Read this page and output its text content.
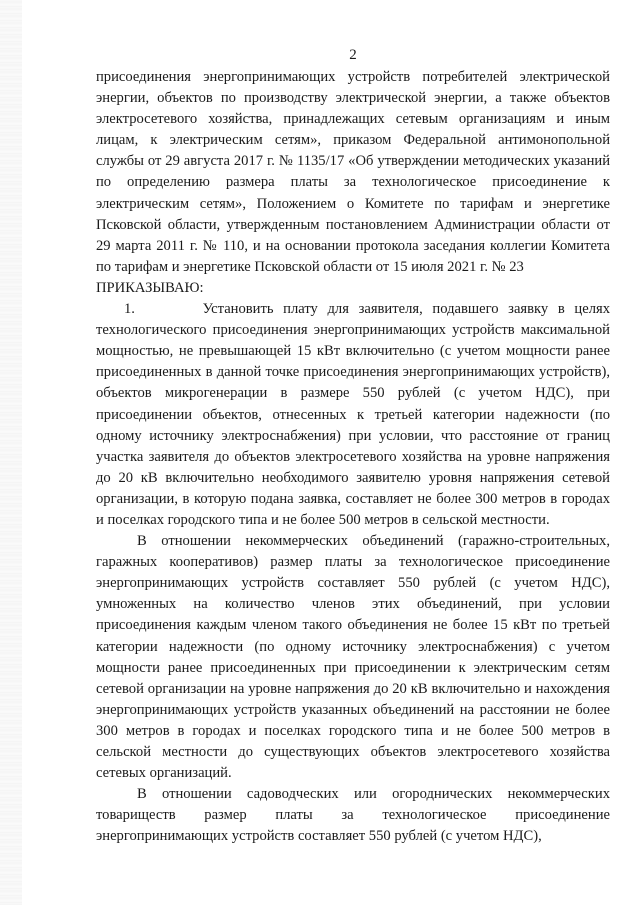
2

присоединения энергопринимающих устройств потребителей электрической энергии, объектов по производству электрической энергии, а также объектов электросетевого хозяйства, принадлежащих сетевым организациям и иным лицам, к электрическим сетям», приказом Федеральной антимонопольной службы от 29 августа 2017 г. № 1135/17 «Об утверждении методических указаний по определению размера платы за технологическое присоединение к электрическим сетям», Положением о Комитете по тарифам и энергетике Псковской области, утвержденным постановлением Администрации области от 29 марта 2011 г. № 110, и на основании протокола заседания коллегии Комитета по тарифам и энергетике Псковской области от 15 июля 2021 г. № 23

ПРИКАЗЫВАЮ:

1.	Установить плату для заявителя, подавшего заявку в целях технологического присоединения энергопринимающих устройств максимальной мощностью, не превышающей 15 кВт включительно (с учетом мощности ранее присоединенных в данной точке присоединения энергопринимающих устройств), объектов микрогенерации в размере 550 рублей (с учетом НДС), при присоединении объектов, отнесенных к третьей категории надежности (по одному источнику электроснабжения) при условии, что расстояние от границ участка заявителя до объектов электросетевого хозяйства на уровне напряжения до 20 кВ включительно необходимого заявителю уровня напряжения сетевой организации, в которую подана заявка, составляет не более 300 метров в городах и поселках городского типа и не более 500 метров в сельской местности.

В отношении некоммерческих объединений (гаражно-строительных, гаражных кооперативов) размер платы за технологическое присоединение энергопринимающих устройств составляет 550 рублей (с учетом НДС), умноженных на количество членов этих объединений, при условии присоединения каждым членом такого объединения не более 15 кВт по третьей категории надежности (по одному источнику электроснабжения) с учетом мощности ранее присоединенных при присоединении к электрическим сетям сетевой организации на уровне напряжения до 20 кВ включительно и нахождения энергопринимающих устройств указанных объединений на расстоянии не более 300 метров в городах и поселках городского типа и не более 500 метров в сельской местности до существующих объектов электросетевого хозяйства сетевых организаций.

В отношении садоводческих или огороднических некоммерческих товариществ размер платы за технологическое присоединение энергопринимающих устройств составляет 550 рублей (с учетом НДС),
